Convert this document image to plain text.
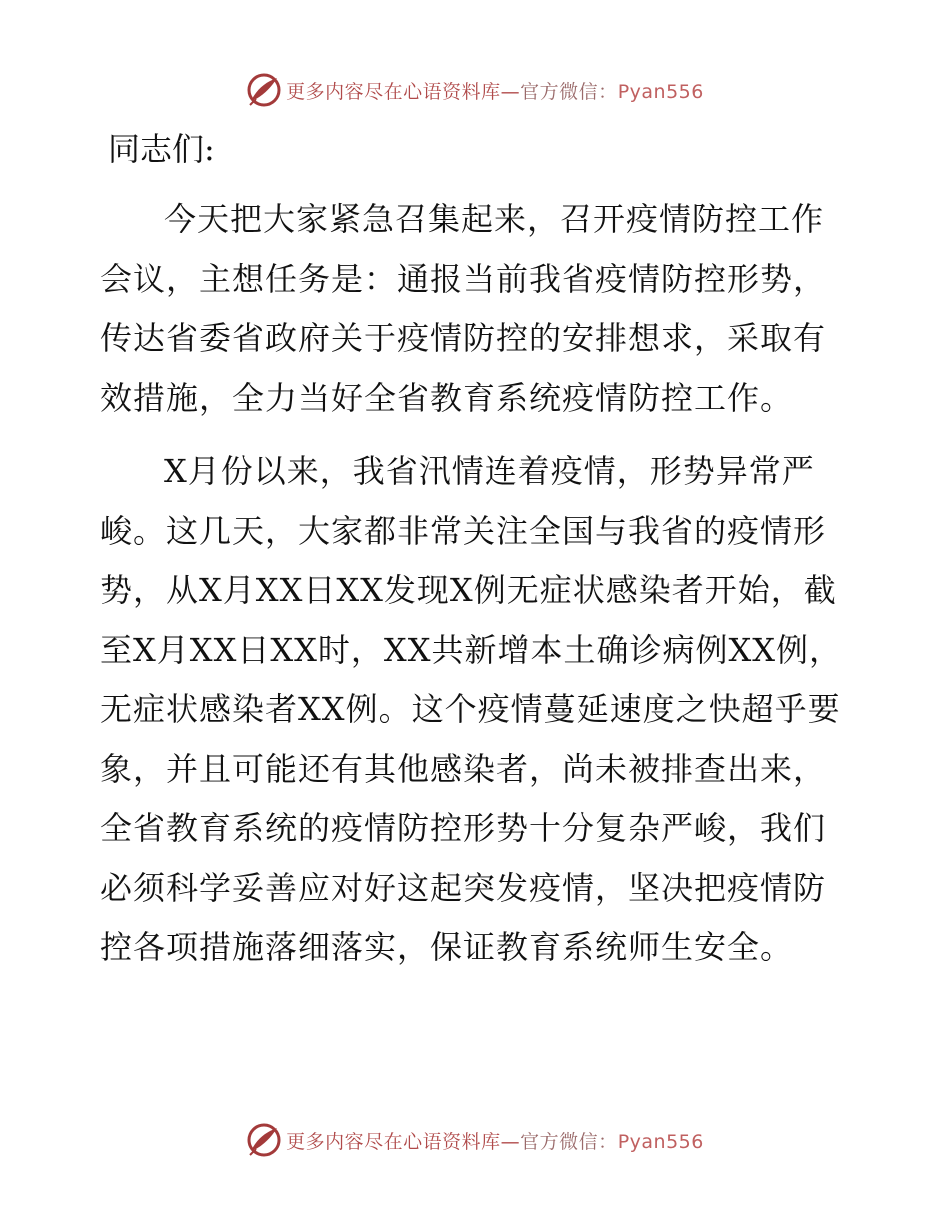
更多内容尽在心语资料库—官方微信：Pyan556

同志们:

今天把大家紧急召集起来，召开疫情防控工作会议，主想任务是：通报当前我省疫情防控形势，传达省委省政府关于疫情防控的安排想求，采取有效措施，全力当好全省教育系统疫情防控工作。

X月份以来，我省汛情连着疫情，形势异常严峻。这几天，大家都非常关注全国与我省的疫情形势，从X月XX日XX发现X例无症状感染者开始，截至X月XX日XX时，XX共新增本土确诊病例XX例，无症状感染者XX例。这个疫情蔓延速度之快超乎要象，并且可能还有其他感染者，尚未被排查出来，全省教育系统的疫情防控形势十分复杂严峻，我们必须科学妥善应对好这起突发疫情，坚决把疫情防控各项措施落细落实，保证教育系统师生安全。

更多内容尽在心语资料库—官方微信：Pyan556
